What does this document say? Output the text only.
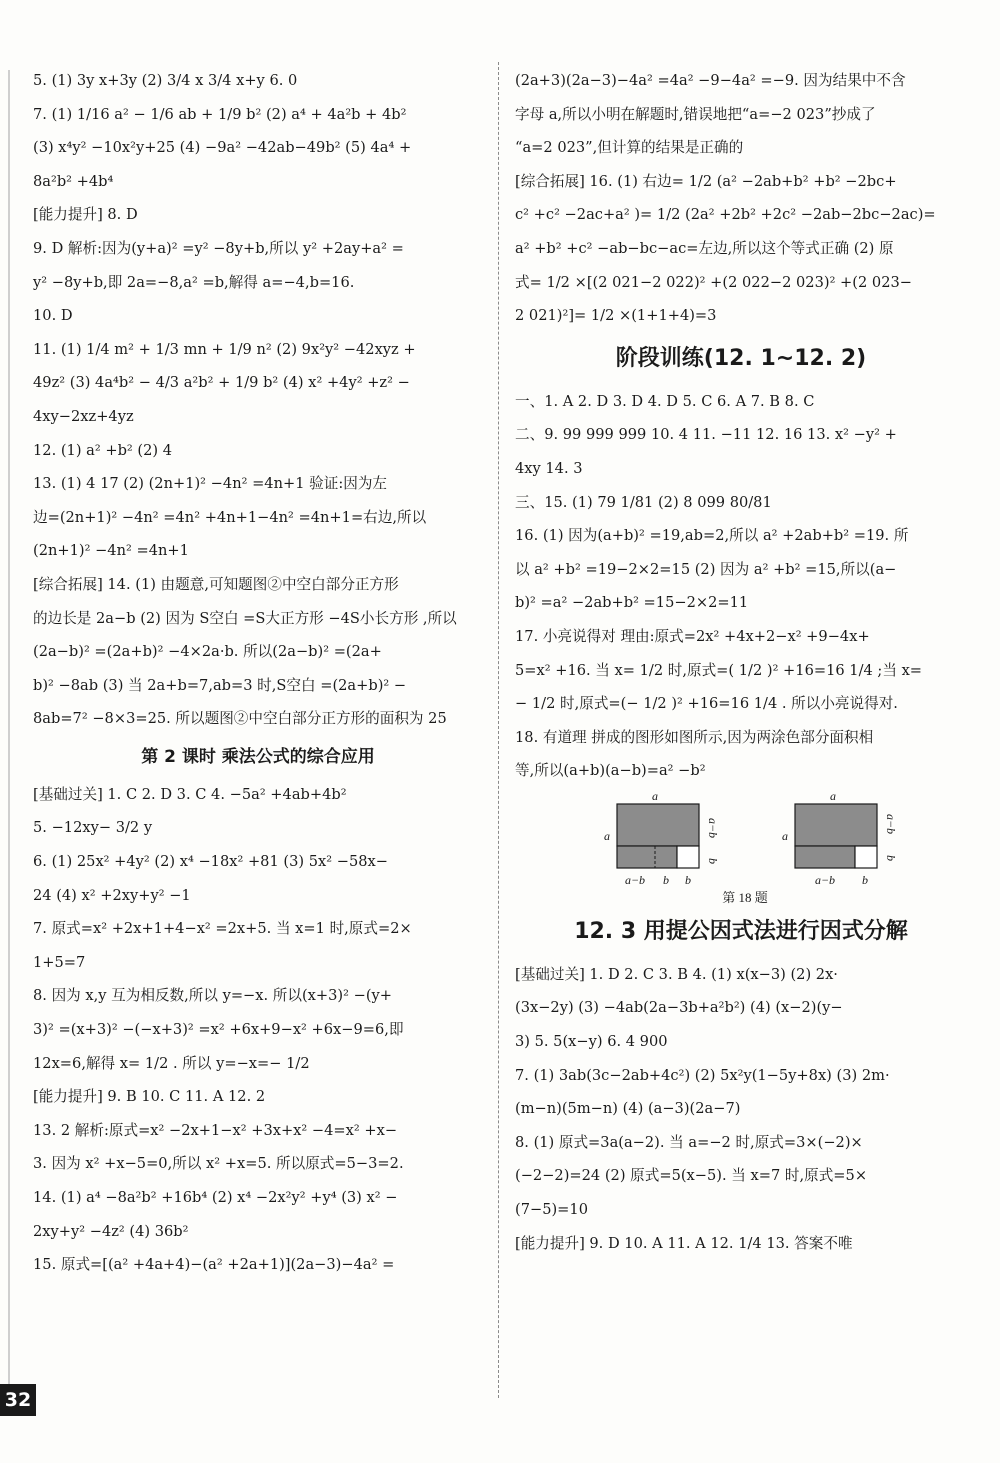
5. (1) 3y x+3y (2) 3/4 x 3/4 x+y 6. 0
7. (1) 1/16 a² − 1/6 ab + 1/9 b² (2) a⁴ + 4a²b + 4b²
(3) x⁴y² −10x²y+25 (4) −9a² −42ab−49b² (5) 4a⁴ +
8a²b² +4b⁴
[能力提升] 8. D
9. D 解析:因为(y+a)² =y² −8y+b,所以 y² +2ay+a² =
y² −8y+b,即 2a=−8,a² =b,解得 a=−4,b=16.
10. D
11. (1) 1/4 m² + 1/3 mn + 1/9 n² (2) 9x²y² −42xyz +
49z² (3) 4a⁴b² − 4/3 a²b² + 1/9 b² (4) x² +4y² +z² −
4xy−2xz+4yz
12. (1) a² +b² (2) 4
13. (1) 4 17 (2) (2n+1)² −4n² =4n+1 验证:因为左
边=(2n+1)² −4n² =4n² +4n+1−4n² =4n+1=右边,所以
(2n+1)² −4n² =4n+1
[综合拓展] 14. (1) 由题意,可知题图②中空白部分正方形
的边长是 2a−b (2) 因为 S空白 =S大正方形 −4S小长方形 ,所以
(2a−b)² =(2a+b)² −4×2a·b. 所以(2a−b)² =(2a+
b)² −8ab (3) 当 2a+b=7,ab=3 时,S空白 =(2a+b)² −
8ab=7² −8×3=25. 所以题图②中空白部分正方形的面积为 25
第 2 课时 乘法公式的综合应用
[基础过关] 1. C 2. D 3. C 4. −5a² +4ab+4b²
5. −12xy− 3/2 y
6. (1) 25x² +4y² (2) x⁴ −18x² +81 (3) 5x² −58x−
24 (4) x² +2xy+y² −1
7. 原式=x² +2x+1+4−x² =2x+5. 当 x=1 时,原式=2×
1+5=7
8. 因为 x,y 互为相反数,所以 y=−x. 所以(x+3)² −(y+
3)² =(x+3)² −(−x+3)² =x² +6x+9−x² +6x−9=6,即
12x=6,解得 x= 1/2 . 所以 y=−x=− 1/2
[能力提升] 9. B 10. C 11. A 12. 2
13. 2 解析:原式=x² −2x+1−x² +3x+x² −4=x² +x−
3. 因为 x² +x−5=0,所以 x² +x=5. 所以原式=5−3=2.
14. (1) a⁴ −8a²b² +16b⁴ (2) x⁴ −2x²y² +y⁴ (3) x² −
2xy+y² −4z² (4) 36b²
15. 原式=[(a² +4a+4)−(a² +2a+1)](2a−3)−4a² =
(2a+3)(2a−3)−4a² =4a² −9−4a² =−9. 因为结果中不含
字母 a,所以小明在解题时,错误地把“a=−2 023”抄成了
“a=2 023”,但计算的结果是正确的
[综合拓展] 16. (1) 右边= 1/2 (a² −2ab+b² +b² −2bc+
c² +c² −2ac+a² )= 1/2 (2a² +2b² +2c² −2ab−2bc−2ac)=
a² +b² +c² −ab−bc−ac=左边,所以这个等式正确 (2) 原
式= 1/2 ×[(2 021−2 022)² +(2 022−2 023)² +(2 023−
2 021)²]= 1/2 ×(1+1+4)=3
阶段训练(12. 1~12. 2)
一、1. A 2. D 3. D 4. D 5. C 6. A 7. B 8. C
二、9. 99 999 999 10. 4 11. −11 12. 16 13. x² −y² +
4xy 14. 3
三、15. (1) 79 1/81 (2) 8 099 80/81
16. (1) 因为(a+b)² =19,ab=2,所以 a² +2ab+b² =19. 所
以 a² +b² =19−2×2=15 (2) 因为 a² +b² =15,所以(a−
b)² =a² −2ab+b² =15−2×2=11
17. 小亮说得对 理由:原式=2x² +4x+2−x² +9−4x+
5=x² +16. 当 x= 1/2 时,原式=( 1/2 )² +16=16 1/4 ;当 x=
− 1/2 时,原式=(− 1/2 )² +16=16 1/4 . 所以小亮说得对.
18. 有道理 拼成的图形如图所示,因为两涂色部分面积相
等,所以(a+b)(a−b)=a² −b²
a
a
a−b b b
a−b
b
a
a
a−b b
a−b
b
第 18 题
12. 3 用提公因式法进行因式分解
[基础过关] 1. D 2. C 3. B 4. (1) x(x−3) (2) 2x·
(3x−2y) (3) −4ab(2a−3b+a²b²) (4) (x−2)(y−
3) 5. 5(x−y) 6. 4 900
7. (1) 3ab(3c−2ab+4c²) (2) 5x²y(1−5y+8x) (3) 2m·
(m−n)(5m−n) (4) (a−3)(2a−7)
8. (1) 原式=3a(a−2). 当 a=−2 时,原式=3×(−2)×
(−2−2)=24 (2) 原式=5(x−5). 当 x=7 时,原式=5×
(7−5)=10
[能力提升] 9. D 10. A 11. A 12. 1/4 13. 答案不唯
32
